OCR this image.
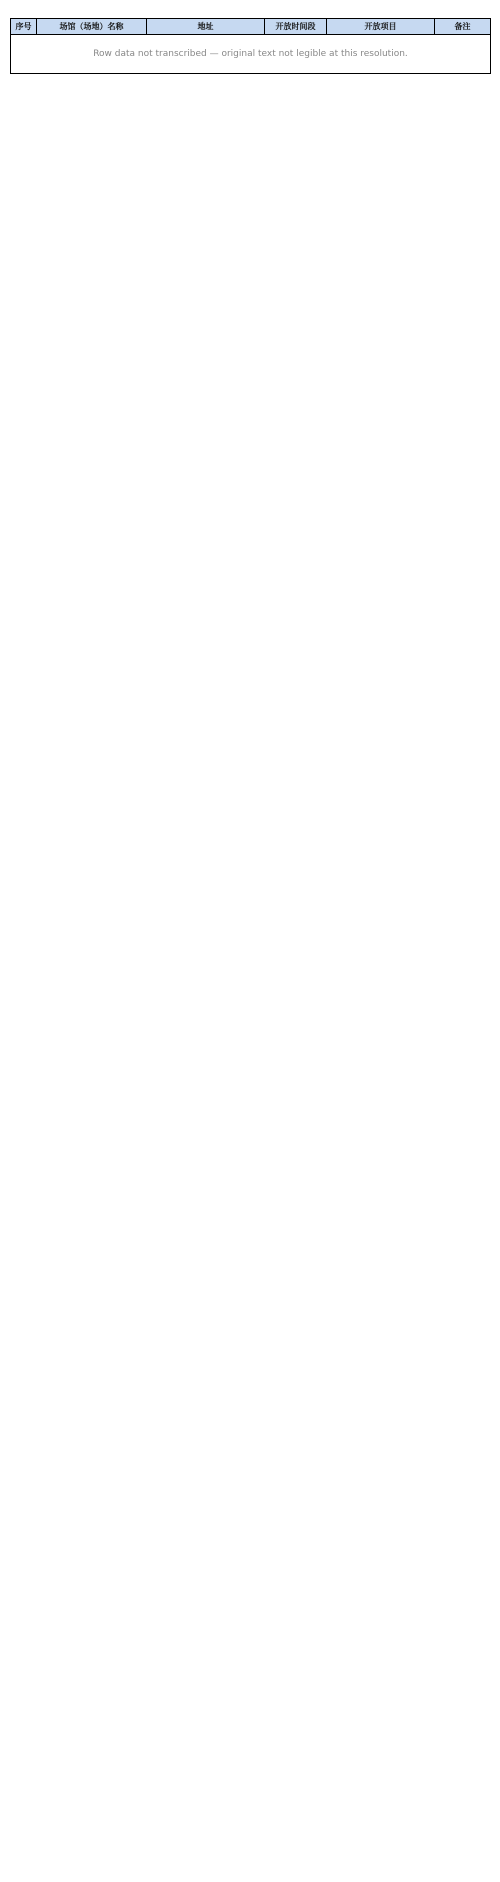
序号	场馆（场地）名称	地址	开放时间段	开放项目	备注
Row data not transcribed — original text not legible at this resolution.
